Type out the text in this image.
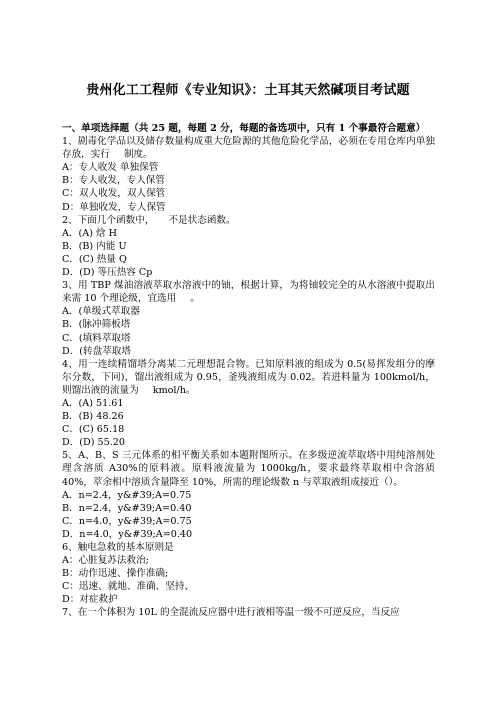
贵州化工工程师《专业知识》：土耳其天然碱项目考试题

一、单项选择题（共 25 题，每题 2 分，每题的备选项中，只有 1 个事最符合题意）

1、剧毒化学品以及储存数量构成重大危险源的其他危险化学品，必须在专用仓库内单独存放，实行 制度。

A：专人收发 单独保管

B：专人收发，专人保管

C：双人收发，双人保管

D：单独收发，专人保管

2、下面几个函数中， 不是状态函数。

A．(A) 焓 H

B．(B) 内能 U

C．(C) 热量 Q

D．(D) 等压热容 Cp

3、用 TBP 煤油溶液萃取水溶液中的铀，根据计算，为将铀较完全的从水溶液中提取出来需 10 个理论级，宜选用 。

A．(单级式萃取器

B．(脉冲筛板塔

C．(填料萃取塔

D．(转盘萃取塔

4、用一连续精馏塔分离某二元理想混合物。已知原料液的组成为 0.5(易挥发组分的摩尔分数，下同)，馏出液组成为 0.95，釜残液组成为 0.02。若进料量为 100kmol/h，则馏出液的流量为 kmol/h。

A．(A) 51.61

B．(B) 48.26

C．(C) 65.18

D．(D) 55.20

5、A、B、S 三元体系的相平衡关系如本题附图所示。在多级逆流萃取塔中用纯溶剂处理含溶质 A30%的原料液。原料液流量为 1000kg/h，要求最终萃取相中含溶质 40%，萃余相中溶质含量降至 10%，所需的理论级数 n 与萃取液组成接近（）。

A．n=2.4，y&#39;A=0.75

B．n=2.4，y&#39;A=0.40

C．n=4.0，y&#39;A=0.75

D．n=4.0，y&#39;A=0.40

6、触电急救的基本原则是

A：心脏复苏法救治;

B：动作迅速、操作准确;

C：迅速、就地、准确、坚持、

D：对症救护

7、在一个体积为 10L 的全混流反应器中进行液相等温一级不可逆反应，当反应
